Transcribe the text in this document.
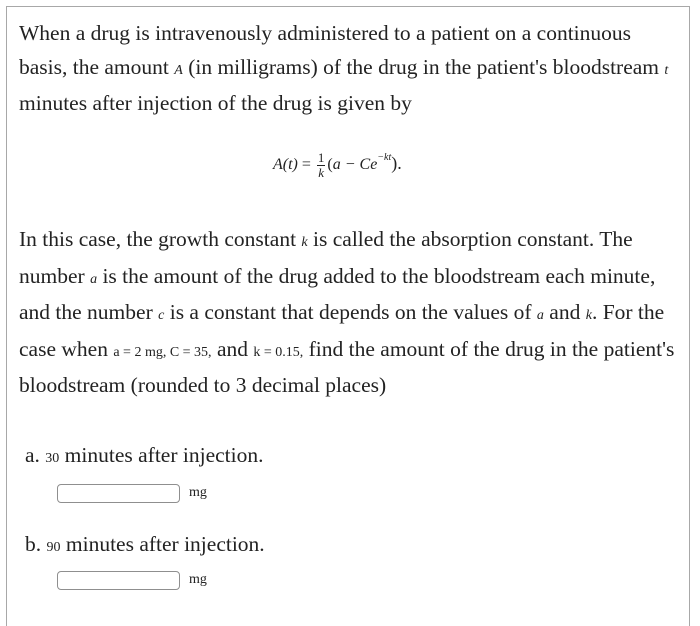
When a drug is intravenously administered to a patient on a continuous basis, the amount A (in milligrams) of the drug in the patient's bloodstream t minutes after injection of the drug is given by
$A(t) = \frac{1}{k} (a - Ce^{-kt})$.
In this case, the growth constant k is called the absorption constant. The number a is the amount of the drug added to the bloodstream each minute, and the number c is a constant that depends on the values of a and k. For the case when a = 2 mg, C = 35, and k = 0.15, find the amount of the drug in the patient's bloodstream (rounded to 3 decimal places)
a. 30 minutes after injection.
mg
b. 90 minutes after injection.
mg
